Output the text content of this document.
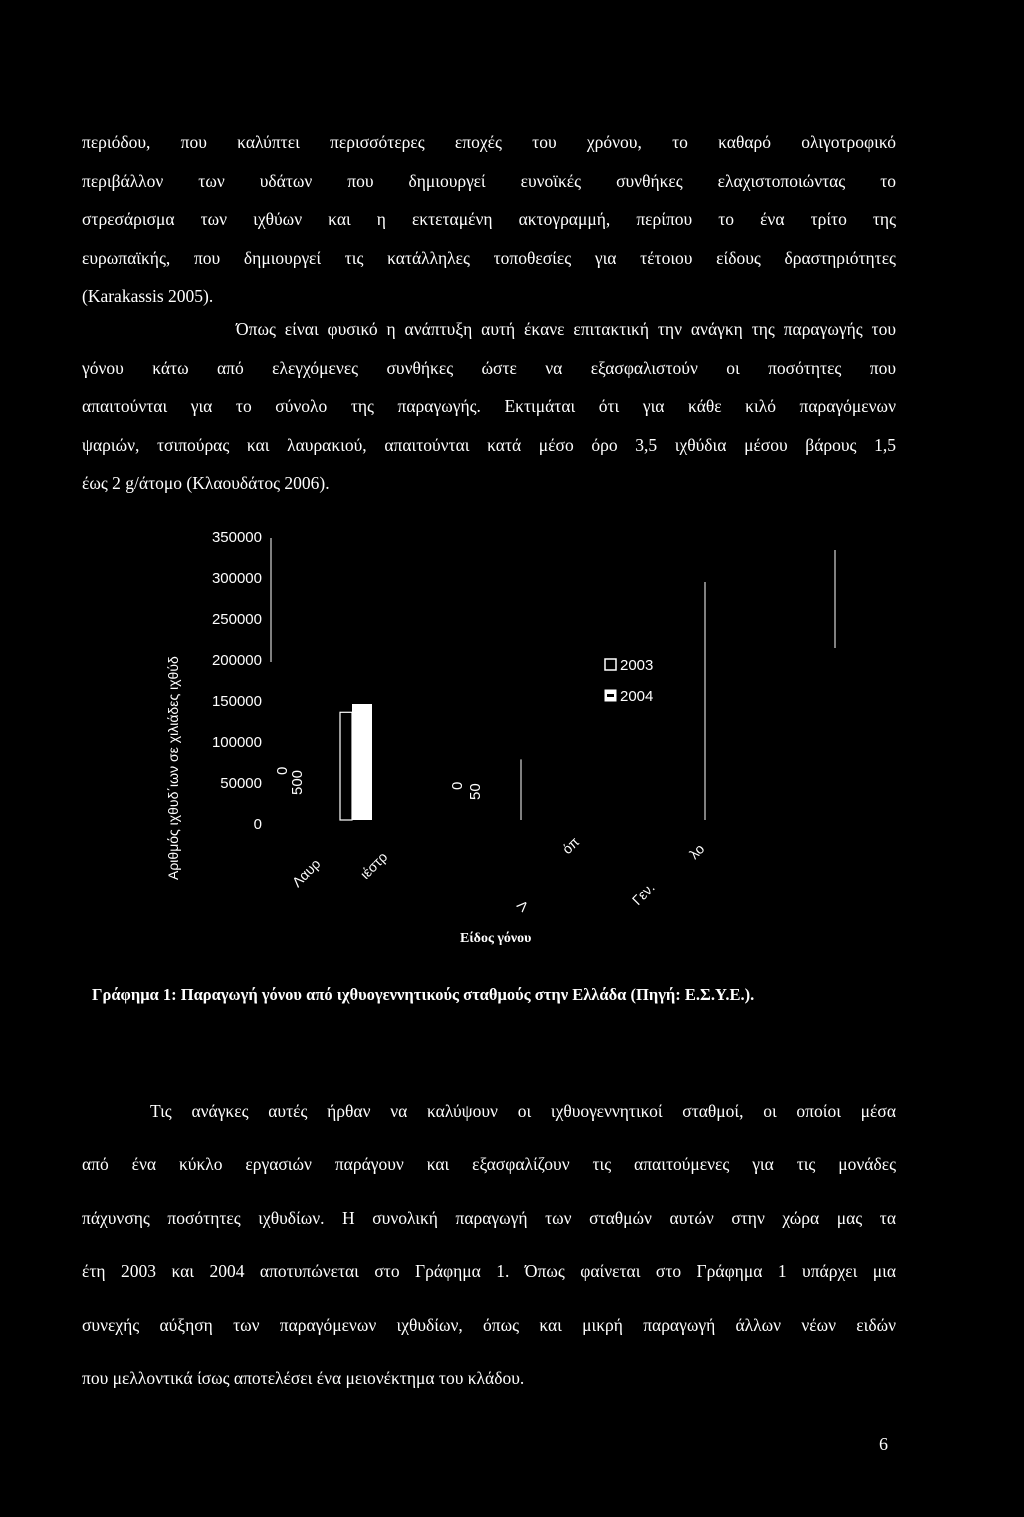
περιόδου, που καλύπτει περισσότερες εποχές του χρόνου, το καθαρό ολιγοτροφικό

περιβάλλον των υδάτων που δημιουργεί ευνοϊκές συνθήκες ελαχιστοποιώντας το

στρεσάρισμα των ιχθύων και η εκτεταμένη ακτογραμμή, περίπου το ένα τρίτο της

ευρωπαϊκής, που δημιουργεί τις κατάλληλες τοποθεσίες για τέτοιου είδους δραστηριότητες

(Karakassis 2005).

Όπως είναι φυσικό η ανάπτυξη αυτή έκανε επιτακτική την ανάγκη της παραγωγής του

γόνου κάτω από ελεγχόμενες συνθήκες ώστε να εξασφαλιστούν οι ποσότητες που

απαιτούνται για το σύνολο της παραγωγής. Εκτιμάται ότι για κάθε κιλό παραγόμενων

ψαριών, τσιπούρας και λαυρακιού, απαιτούνται κατά μέσο όρο 3,5 ιχθύδια μέσου βάρους 1,5

έως 2 g/άτομο (Κλαουδάτος 2006).

350000
300000
250000
200000
150000
100000
50000
0
Αριθμός ιχθυδ΄ιων σε χιλιάδες ιχθύδ	0
500	0 50
Λαυρ ιέστρ
Λ
όπ
Γεν.
λο
Είδος γόνου
2003
2004
Γράφημα 1: Παραγωγή γόνου από ιχθυογεννητικούς σταθμούς στην Ελλάδα (Πηγή: Ε.Σ.Υ.Ε.).

Τις ανάγκες αυτές ήρθαν να καλύψουν οι ιχθυογεννητικοί σταθμοί, οι οποίοι μέσα

από ένα κύκλο εργασιών παράγουν και εξασφαλίζουν τις απαιτούμενες για τις μονάδες

πάχυνσης ποσότητες ιχθυδίων. Η συνολική παραγωγή των σταθμών αυτών στην χώρα μας τα

έτη 2003 και 2004 αποτυπώνεται στο Γράφημα 1. Όπως φαίνεται στο Γράφημα 1 υπάρχει μια

συνεχής αύξηση των παραγόμενων ιχθυδίων, όπως και μικρή παραγωγή άλλων νέων ειδών

που μελλοντικά ίσως αποτελέσει ένα μειονέκτημα του κλάδου.

6
